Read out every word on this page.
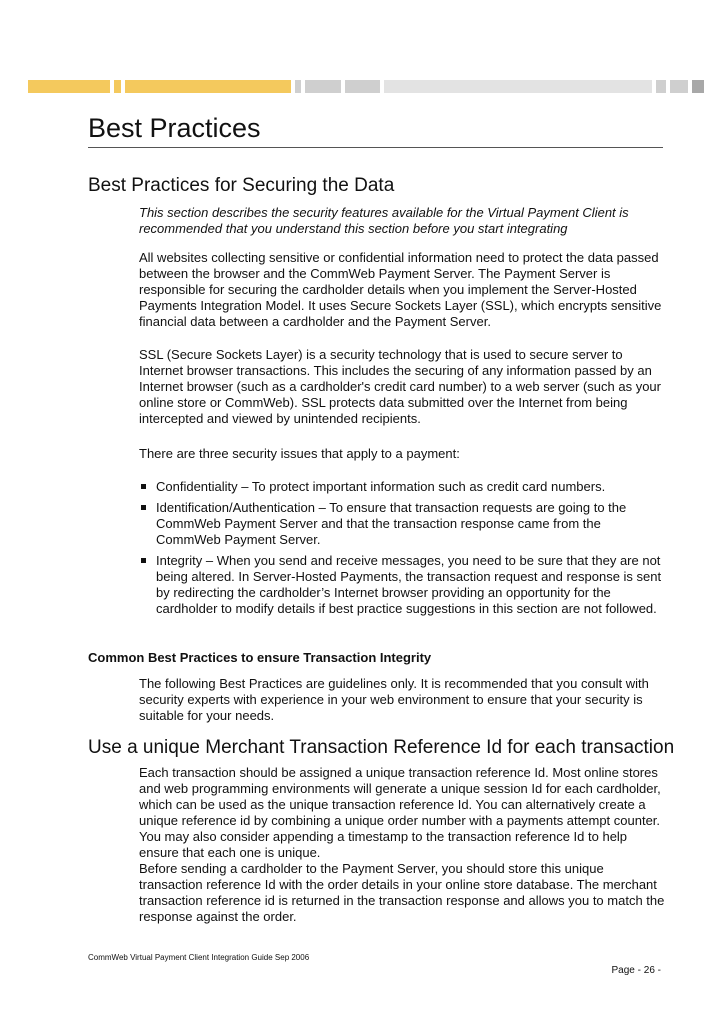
Best Practices
Best Practices for Securing the Data

This section describes the security features available for the Virtual Payment Client is recommended that you understand this section before you start integrating

All websites collecting sensitive or confidential information need to protect the data passed between the browser and the CommWeb Payment Server. The Payment Server is responsible for securing the cardholder details when you implement the Server-Hosted Payments Integration Model. It uses Secure Sockets Layer (SSL), which encrypts sensitive financial data between a cardholder and the Payment Server.

SSL (Secure Sockets Layer) is a security technology that is used to secure server to Internet browser transactions. This includes the securing of any information passed by an Internet browser (such as a cardholder's credit card number) to a web server (such as your online store or CommWeb). SSL protects data submitted over the Internet from being intercepted and viewed by unintended recipients.

There are three security issues that apply to a payment:

Confidentiality – To protect important information such as credit card numbers.
Identification/Authentication – To ensure that transaction requests are going to the CommWeb Payment Server and that the transaction response came from the CommWeb Payment Server.
Integrity – When you send and receive messages, you need to be sure that they are not being altered. In Server-Hosted Payments, the transaction request and response is sent by redirecting the cardholder’s Internet browser providing an opportunity for the cardholder to modify details if best practice suggestions in this section are not followed.
Common Best Practices to ensure Transaction Integrity

The following Best Practices are guidelines only. It is recommended that you consult with security experts with experience in your web environment to ensure that your security is suitable for your needs.

Use a unique Merchant Transaction Reference Id for each transaction

Each transaction should be assigned a unique transaction reference Id. Most online stores and web programming environments will generate a unique session Id for each cardholder, which can be used as the unique transaction reference Id. You can alternatively create a unique reference id by combining a unique order number with a payments attempt counter. You may also consider appending a timestamp to the transaction reference Id to help ensure that each one is unique.

Before sending a cardholder to the Payment Server, you should store this unique transaction reference Id with the order details in your online store database. The merchant transaction reference id is returned in the transaction response and allows you to match the response against the order.

CommWeb Virtual Payment Client Integration Guide Sep 2006
Page - 26 -
